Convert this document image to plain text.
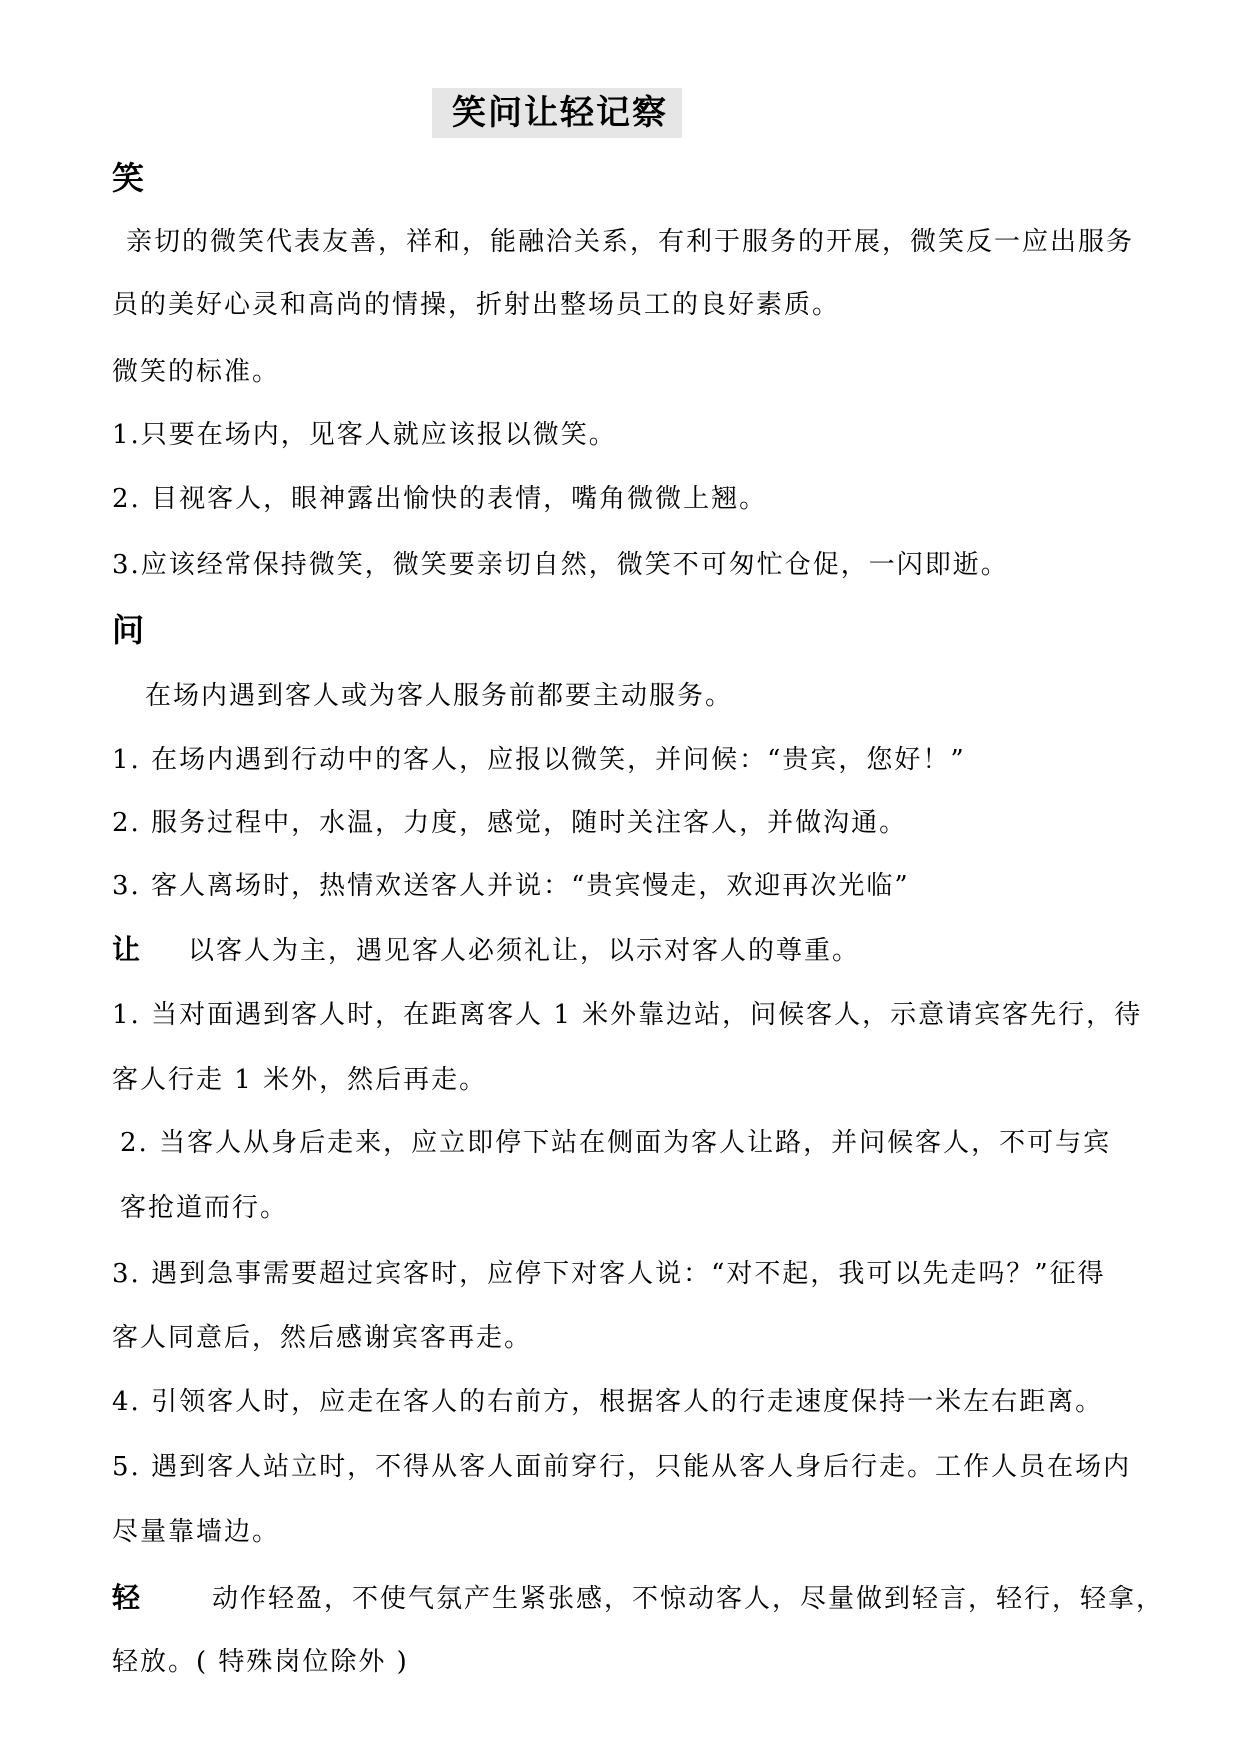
笑问让轻记察
笑
亲切的微笑代表友善，祥和，能融洽关系，有利于服务的开展，微笑反一应出服务
员的美好心灵和高尚的情操，折射出整场员工的良好素质。
微笑的标准。
1.只要在场内，见客人就应该报以微笑。
2. 目视客人，眼神露出愉快的表情，嘴角微微上翘。
3.应该经常保持微笑，微笑要亲切自然，微笑不可匆忙仓促，一闪即逝。
问
在场内遇到客人或为客人服务前都要主动服务。
1. 在场内遇到行动中的客人，应报以微笑，并问候：“贵宾，您好！”
2. 服务过程中，水温，力度，感觉，随时关注客人，并做沟通。
3. 客人离场时，热情欢送客人并说：“贵宾慢走，欢迎再次光临”
让 以客人为主，遇见客人必须礼让，以示对客人的尊重。
1. 当对面遇到客人时，在距离客人 1 米外靠边站，问候客人，示意请宾客先行，待
客人行走 1 米外，然后再走。
2. 当客人从身后走来，应立即停下站在侧面为客人让路，并问候客人，不可与宾
客抢道而行。
3. 遇到急事需要超过宾客时，应停下对客人说：“对不起，我可以先走吗？”征得
客人同意后，然后感谢宾客再走。
4. 引领客人时，应走在客人的右前方，根据客人的行走速度保持一米左右距离。
5. 遇到客人站立时，不得从客人面前穿行，只能从客人身后行走。工作人员在场内
尽量靠墙边。
轻	动作轻盈，不使气氛产生紧张感，不惊动客人，尽量做到轻言，轻行，轻拿，
轻放。( 特殊岗位除外 )
